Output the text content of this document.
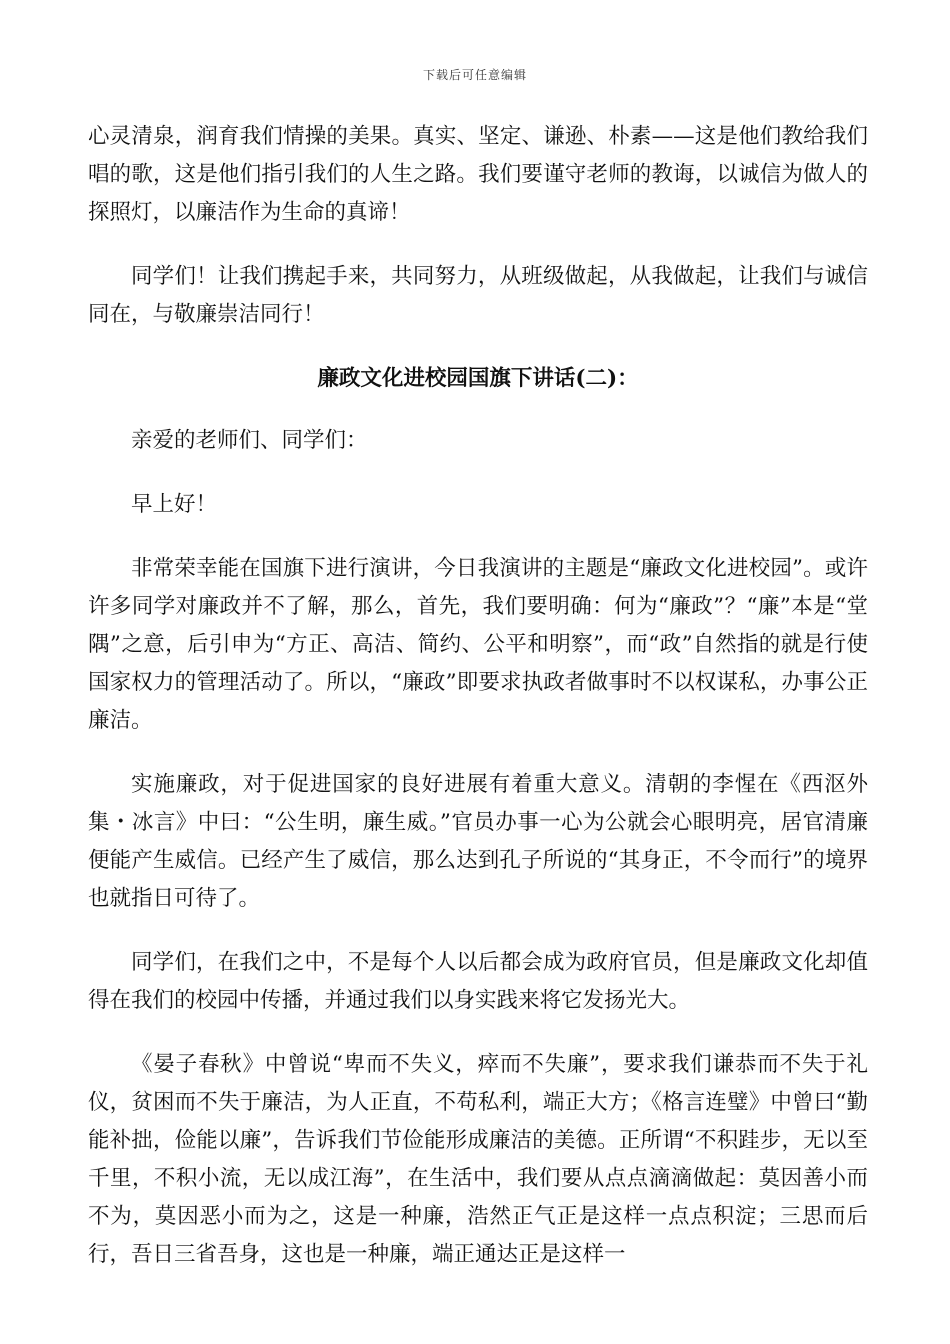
下载后可任意编辑

心灵清泉，润育我们情操的美果。真实、坚定、谦逊、朴素——这是他们教给我们唱的歌，这是他们指引我们的人生之路。我们要谨守老师的教诲，以诚信为做人的探照灯，以廉洁作为生命的真谛！

同学们！让我们携起手来，共同努力，从班级做起，从我做起，让我们与诚信同在，与敬廉崇洁同行！

廉政文化进校园国旗下讲话(二)：

亲爱的老师们、同学们：

早上好！

非常荣幸能在国旗下进行演讲，今日我演讲的主题是“廉政文化进校园”。或许许多同学对廉政并不了解，那么，首先，我们要明确：何为“廉政”？“廉”本是“堂隅”之意，后引申为“方正、高洁、简约、公平和明察”，而“政”自然指的就是行使国家权力的管理活动了。所以，“廉政”即要求执政者做事时不以权谋私，办事公正廉洁。

实施廉政，对于促进国家的良好进展有着重大意义。清朝的李惺在《西沤外集・冰言》中曰：“公生明，廉生威。”官员办事一心为公就会心眼明亮，居官清廉便能产生威信。已经产生了威信，那么达到孔子所说的“其身正，不令而行”的境界也就指日可待了。

同学们，在我们之中，不是每个人以后都会成为政府官员，但是廉政文化却值得在我们的校园中传播，并通过我们以身实践来将它发扬光大。

《晏子春秋》中曾说“卑而不失义，瘁而不失廉”，要求我们谦恭而不失于礼仪，贫困而不失于廉洁，为人正直，不苟私利，端正大方；《格言连璧》中曾曰“勤能补拙，俭能以廉”，告诉我们节俭能形成廉洁的美德。正所谓“不积跬步，无以至千里，不积小流，无以成江海”，在生活中，我们要从点点滴滴做起：莫因善小而不为，莫因恶小而为之，这是一种廉，浩然正气正是这样一点点积淀；三思而后行，吾日三省吾身，这也是一种廉，端正通达正是这样一
